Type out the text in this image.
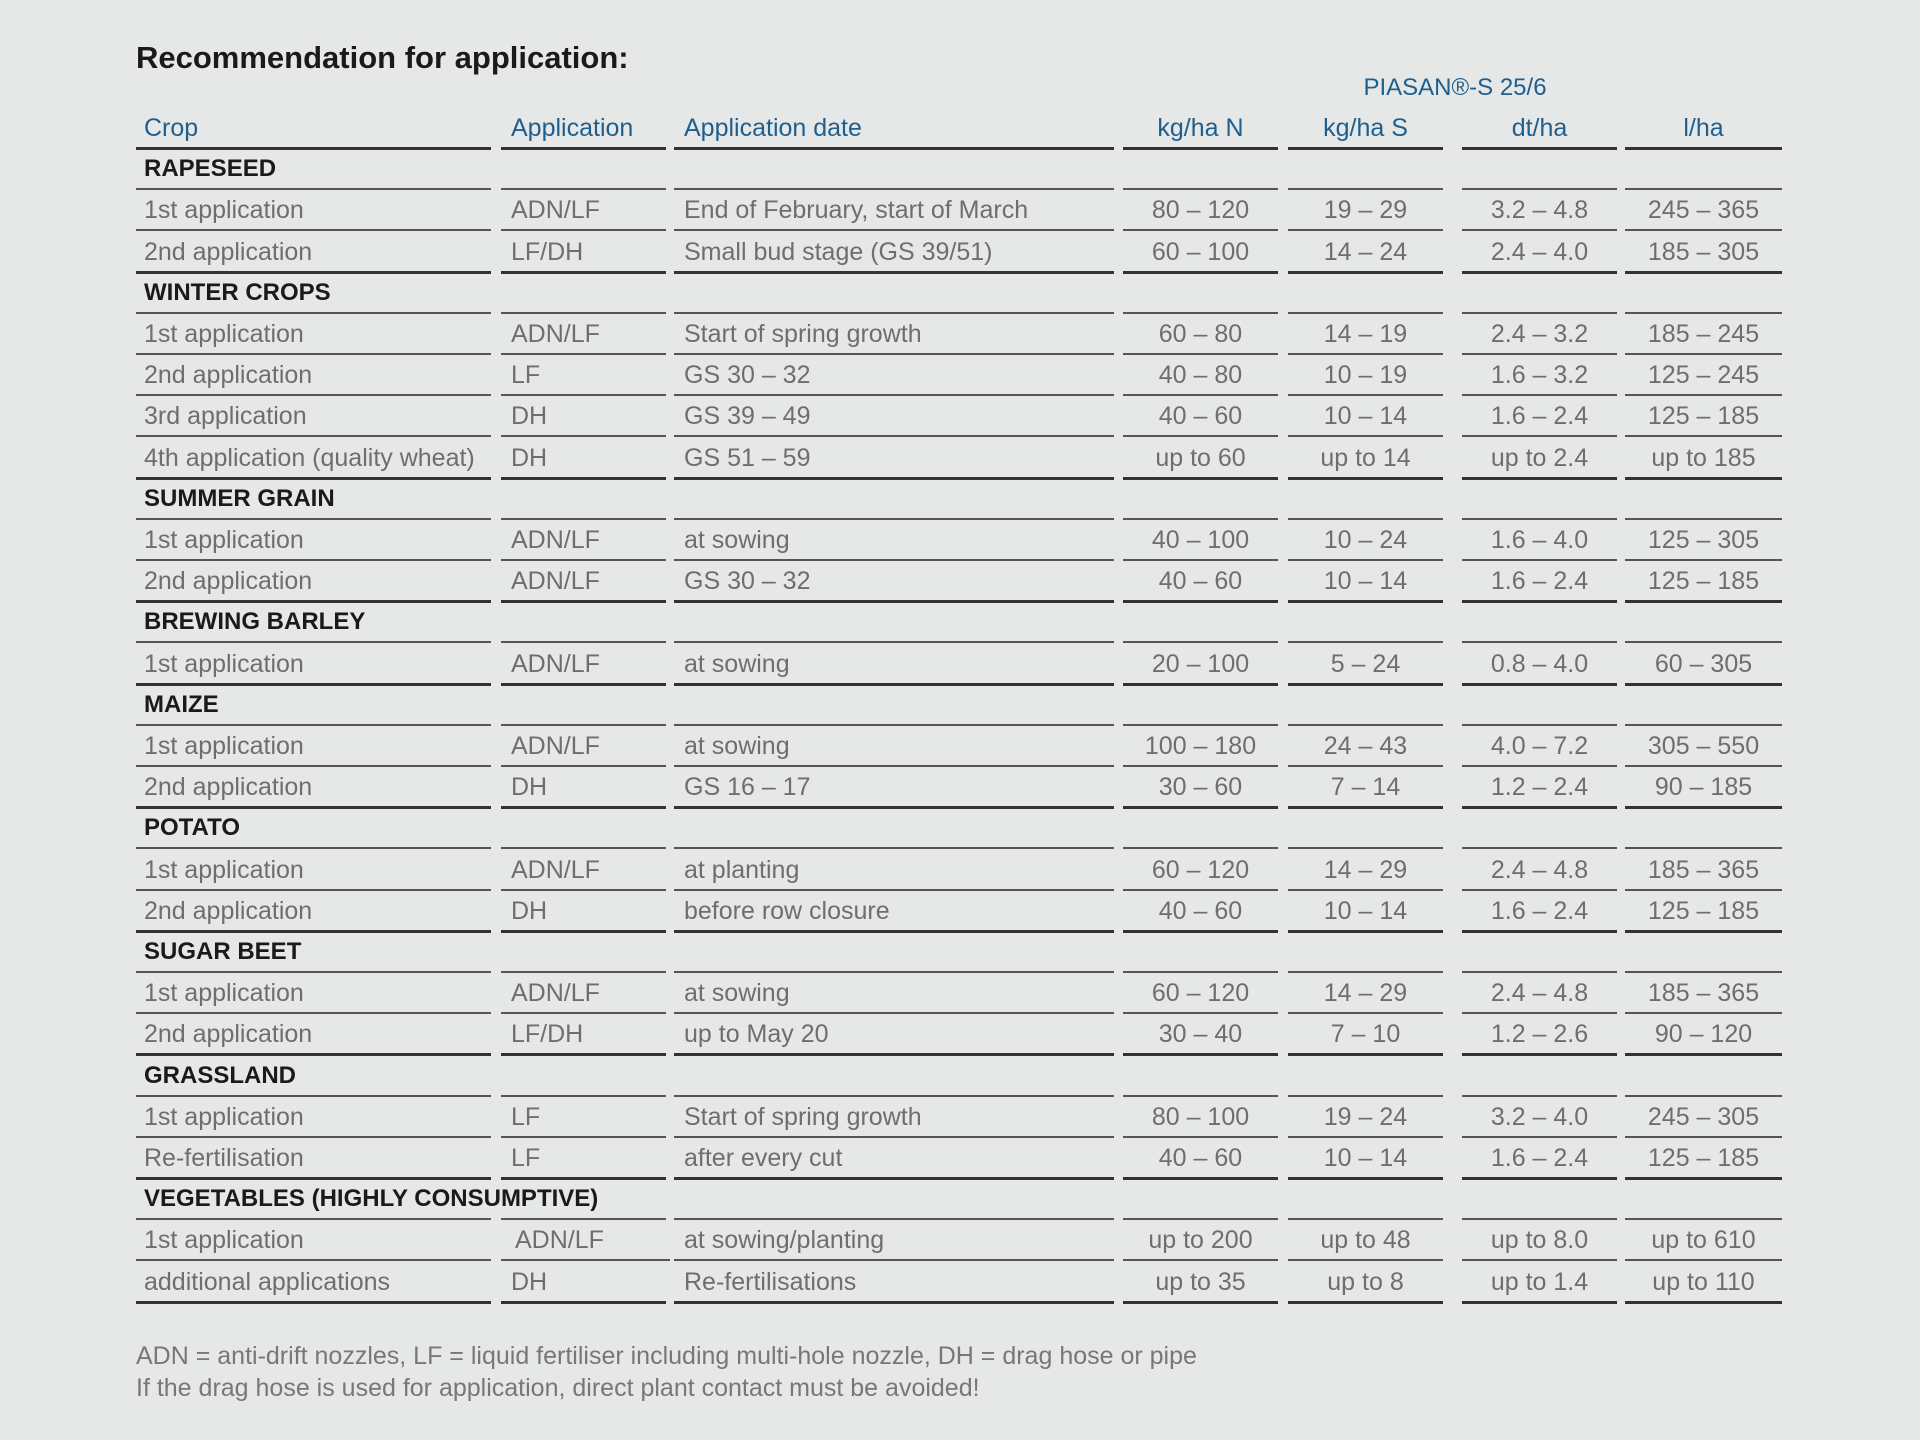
Recommendation for application:
PIASAN®-S 25/6
Crop	Application	Application date	kg/ha N	kg/ha S	dt/ha	l/ha
RAPESEED
1st application	ADN/LF	End of February, start of March	80 – 120	19 – 29	3.2 – 4.8	245 – 365
2nd application	LF/DH	Small bud stage (GS 39/51)	60 – 100	14 – 24	2.4 – 4.0	185 – 305
WINTER CROPS
1st application	ADN/LF	Start of spring growth	60 – 80	14 – 19	2.4 – 3.2	185 – 245
2nd application	LF	GS 30 – 32	40 – 80	10 – 19	1.6 – 3.2	125 – 245
3rd application	DH	GS 39 – 49	40 – 60	10 – 14	1.6 – 2.4	125 – 185
4th application (quality wheat)	DH	GS 51 – 59	up to 60	up to 14	up to 2.4	up to 185
SUMMER GRAIN
1st application	ADN/LF	at sowing	40 – 100	10 – 24	1.6 – 4.0	125 – 305
2nd application	ADN/LF	GS 30 – 32	40 – 60	10 – 14	1.6 – 2.4	125 – 185
BREWING BARLEY
1st application	ADN/LF	at sowing	20 – 100	5 – 24	0.8 – 4.0	60 – 305
MAIZE
1st application	ADN/LF	at sowing	100 – 180	24 – 43	4.0 – 7.2	305 – 550
2nd application	DH	GS 16 – 17	30 – 60	7 – 14	1.2 – 2.4	90 – 185
POTATO
1st application	ADN/LF	at planting	60 – 120	14 – 29	2.4 – 4.8	185 – 365
2nd application	DH	before row closure	40 – 60	10 – 14	1.6 – 2.4	125 – 185
SUGAR BEET
1st application	ADN/LF	at sowing	60 – 120	14 – 29	2.4 – 4.8	185 – 365
2nd application	LF/DH	up to May 20	30 – 40	7 – 10	1.2 – 2.6	90 – 120
GRASSLAND
1st application	LF	Start of spring growth	80 – 100	19 – 24	3.2 – 4.0	245 – 305
Re-fertilisation	LF	after every cut	40 – 60	10 – 14	1.6 – 2.4	125 – 185
VEGETABLES (HIGHLY CONSUMPTIVE)
1st application	ADN/LF	at sowing/planting	up to 200	up to 48	up to 8.0	up to 610
additional applications	DH	Re-fertilisations	up to 35	up to 8	up to 1.4	up to 110
ADN = anti-drift nozzles, LF = liquid fertiliser including multi-hole nozzle, DH = drag hose or pipe
If the drag hose is used for application, direct plant contact must be avoided!
